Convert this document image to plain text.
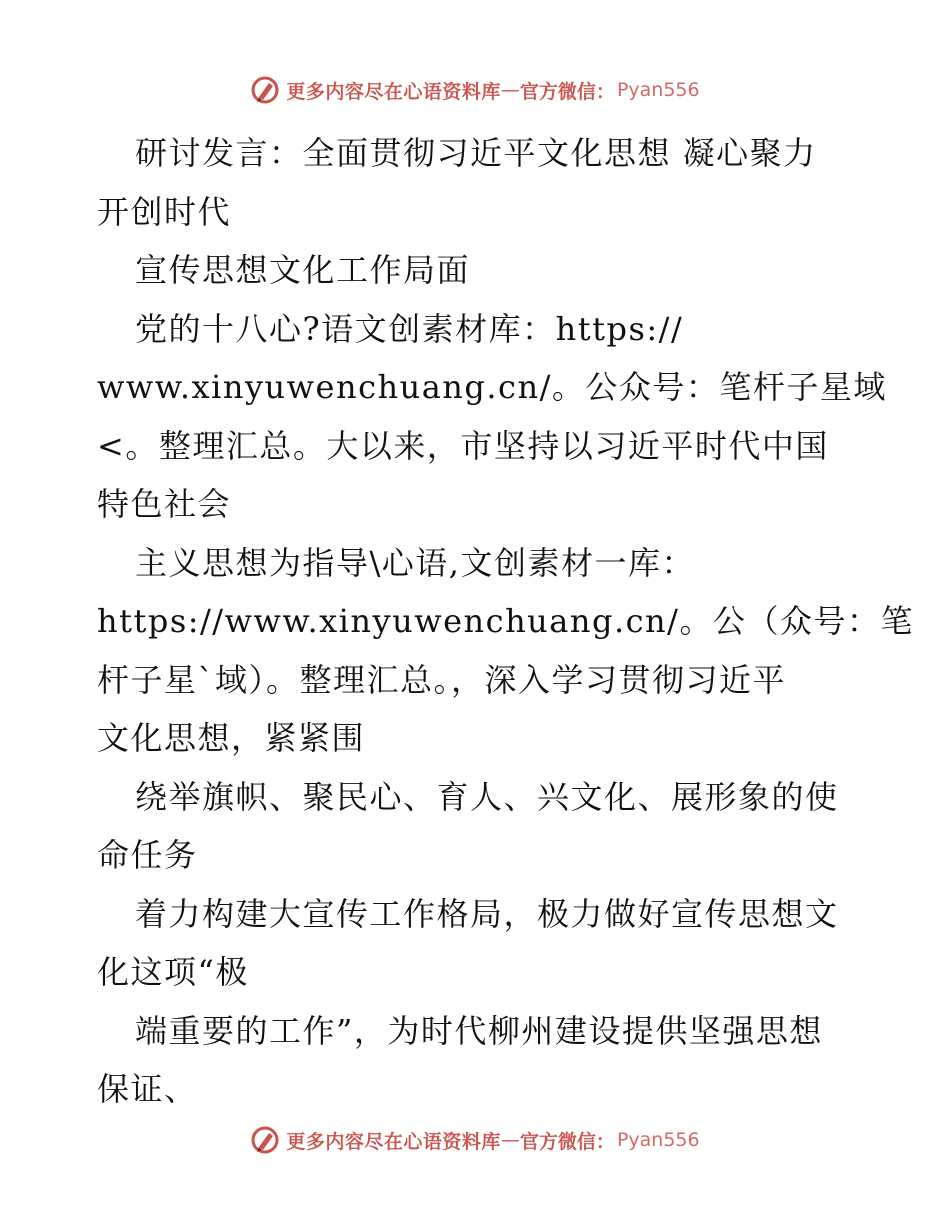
更多内容尽在心语资料库 — 官方微信： Pyan556
研讨发言：全面贯彻习近平文化思想 凝心聚力
开创时代
宣传思想文化工作局面
党的十八心?语文创素材库：https://
www.xinyuwenchuang.cn/。公众号：笔杆子星域
<。整理汇总。大以来，市坚持以习近平时代中国
特色社会
主义思想为指导\心语,文创素材一库：
https://www.xinyuwenchuang.cn/。公（众号：笔
杆子星`域）。整理汇总。，深入学习贯彻习近平
文化思想，紧紧围
绕举旗帜、聚民心、育人、兴文化、展形象的使
命任务
着力构建大宣传工作格局，极力做好宣传思想文
化这项“极
端重要的工作”，为时代柳州建设提供坚强思想
保证、
更多内容尽在心语资料库 — 官方微信： Pyan556
